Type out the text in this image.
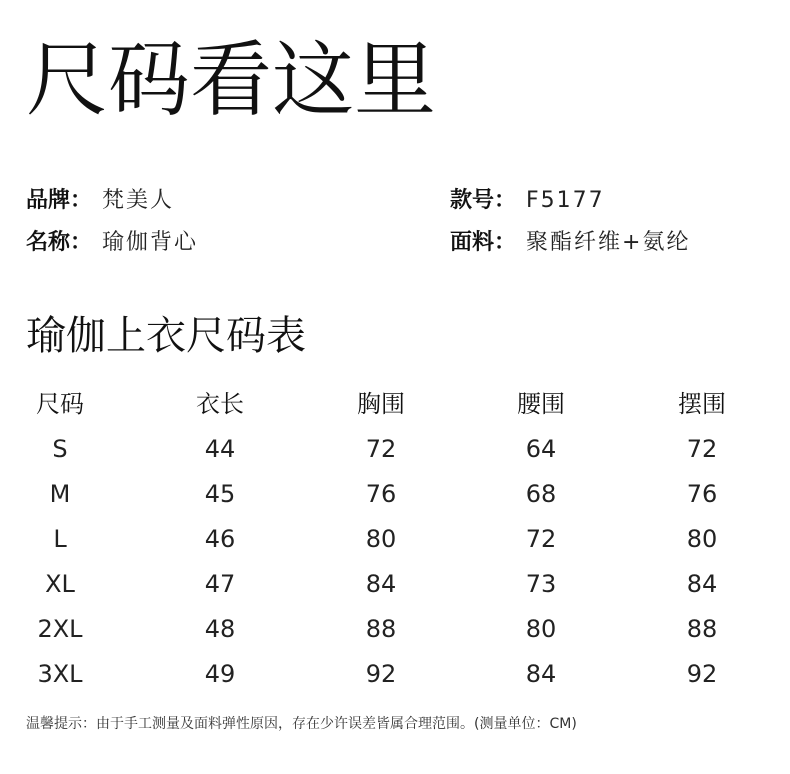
尺码看这里
品牌： 梵美人	款号： F5177
名称： 瑜伽背心	面料： 聚酯纤维+氨纶
瑜伽上衣尺码表
尺码	衣长	胸围	腰围	摆围
S	44	72	64	72
M	45	76	68	76
L	46	80	72	80
XL	47	84	73	84
2XL	48	88	80	88
3XL	49	92	84	92
温馨提示：由于手工测量及面料弹性原因，存在少许误差皆属合理范围。(测量单位：CM)
